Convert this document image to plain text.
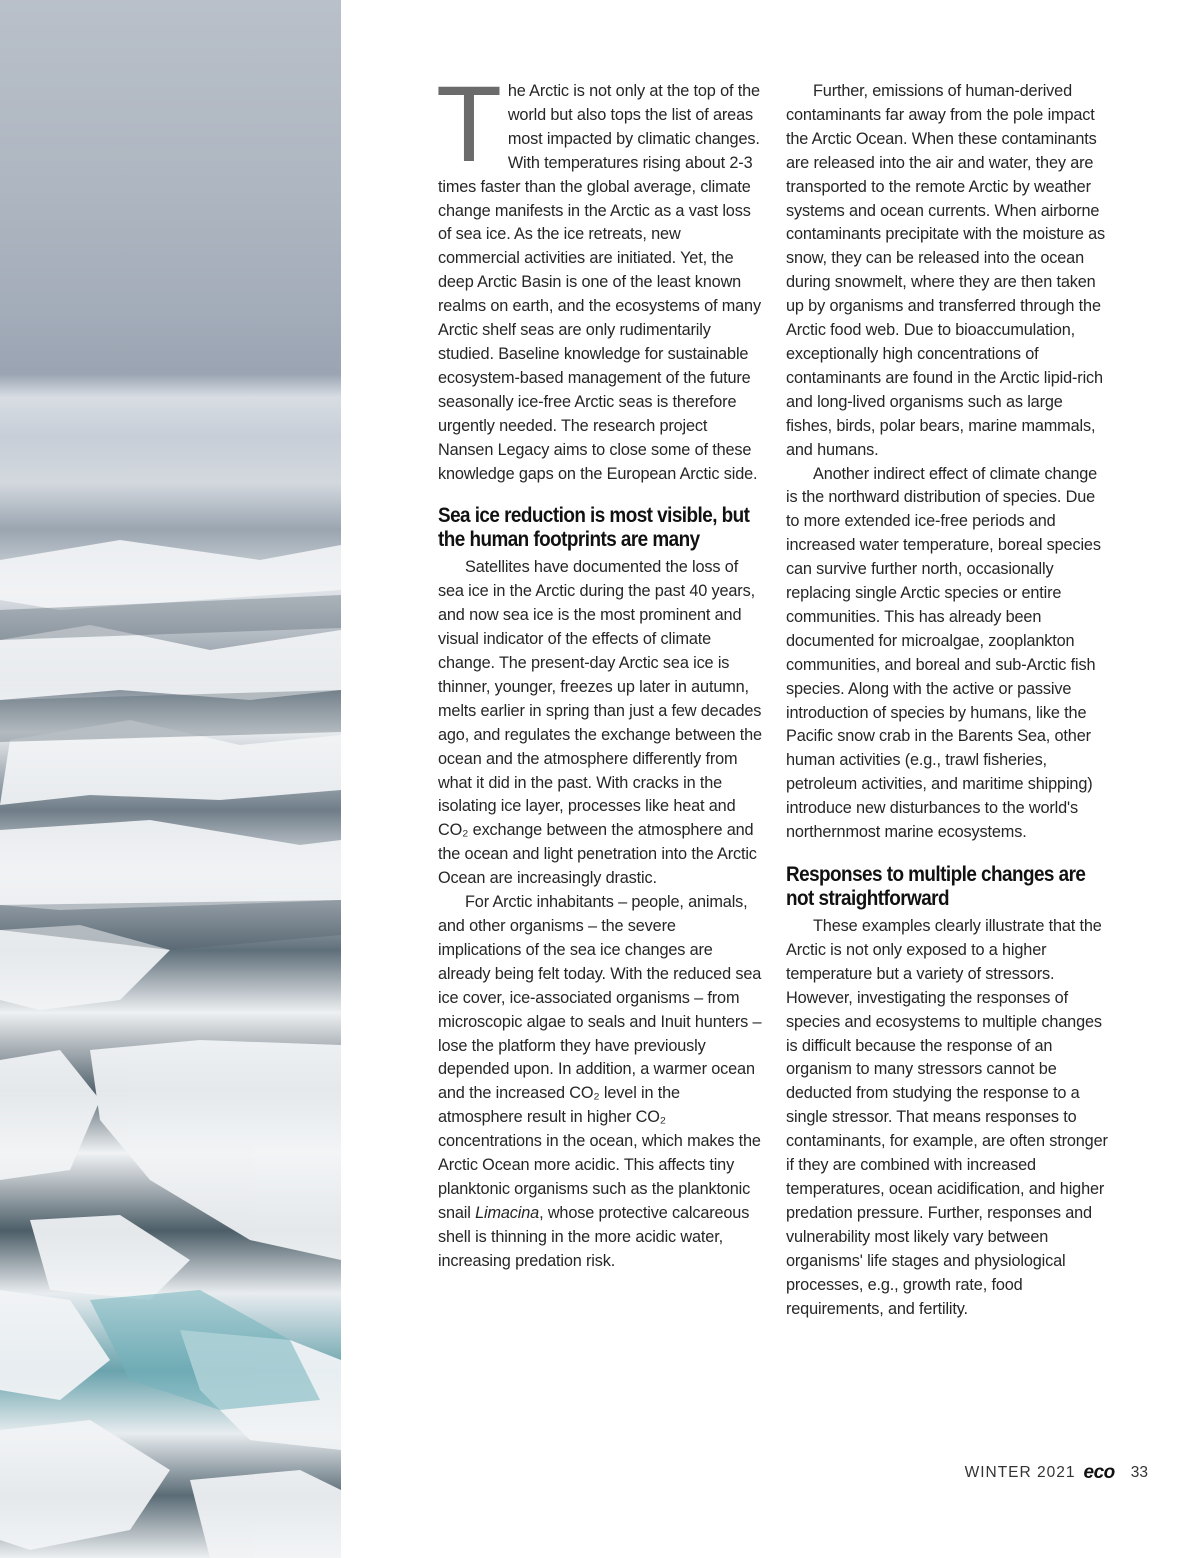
The Arctic is not only at the top of the world but also tops the list of areas most impacted by climatic changes. With temperatures rising about 2-3 times faster than the global average, climate change manifests in the Arctic as a vast loss of sea ice. As the ice retreats, new commercial activities are initiated. Yet, the deep Arctic Basin is one of the least known realms on earth, and the ecosystems of many Arctic shelf seas are only rudimentarily studied. Baseline knowledge for sustainable ecosystem-based management of the future seasonally ice-free Arctic seas is therefore urgently needed. The research project Nansen Legacy aims to close some of these knowledge gaps on the European Arctic side.

Sea ice reduction is most visible, but the human footprints are many

Satellites have documented the loss of sea ice in the Arctic during the past 40 years, and now sea ice is the most prominent and visual indicator of the effects of climate change. The present-day Arctic sea ice is thinner, younger, freezes up later in autumn, melts earlier in spring than just a few decades ago, and regulates the exchange between the ocean and the atmosphere differently from what it did in the past. With cracks in the isolating ice layer, processes like heat and CO₂ exchange between the atmosphere and the ocean and light penetration into the Arctic Ocean are increasingly drastic.

For Arctic inhabitants – people, animals, and other organisms – the severe implications of the sea ice changes are already being felt today. With the reduced sea ice cover, ice-associated organisms – from microscopic algae to seals and Inuit hunters – lose the platform they have previously depended upon. In addition, a warmer ocean and the increased CO₂ level in the atmosphere result in higher CO₂ concentrations in the ocean, which makes the Arctic Ocean more acidic. This affects tiny planktonic organisms such as the planktonic snail Limacina, whose protective calcareous shell is thinning in the more acidic water, increasing predation risk.

Further, emissions of human-derived contaminants far away from the pole impact the Arctic Ocean. When these contaminants are released into the air and water, they are transported to the remote Arctic by weather systems and ocean currents. When airborne contaminants precipitate with the moisture as snow, they can be released into the ocean during snowmelt, where they are then taken up by organisms and transferred through the Arctic food web. Due to bioaccumulation, exceptionally high concentrations of contaminants are found in the Arctic lipid-rich and long-lived organisms such as large fishes, birds, polar bears, marine mammals, and humans.

Another indirect effect of climate change is the northward distribution of species. Due to more extended ice-free periods and increased water temperature, boreal species can survive further north, occasionally replacing single Arctic species or entire communities. This has already been documented for microalgae, zooplankton communities, and boreal and sub-Arctic fish species. Along with the active or passive introduction of species by humans, like the Pacific snow crab in the Barents Sea, other human activities (e.g., trawl fisheries, petroleum activities, and maritime shipping) introduce new disturbances to the world's northernmost marine ecosystems.

Responses to multiple changes are not straightforward

These examples clearly illustrate that the Arctic is not only exposed to a higher temperature but a variety of stressors. However, investigating the responses of species and ecosystems to multiple changes is difficult because the response of an organism to many stressors cannot be deducted from studying the response to a single stressor. That means responses to contaminants, for example, are often stronger if they are combined with increased temperatures, ocean acidification, and higher predation pressure. Further, responses and vulnerability most likely vary between organisms' life stages and physiological processes, e.g., growth rate, food requirements, and fertility.

WINTER 2021 eco 33
